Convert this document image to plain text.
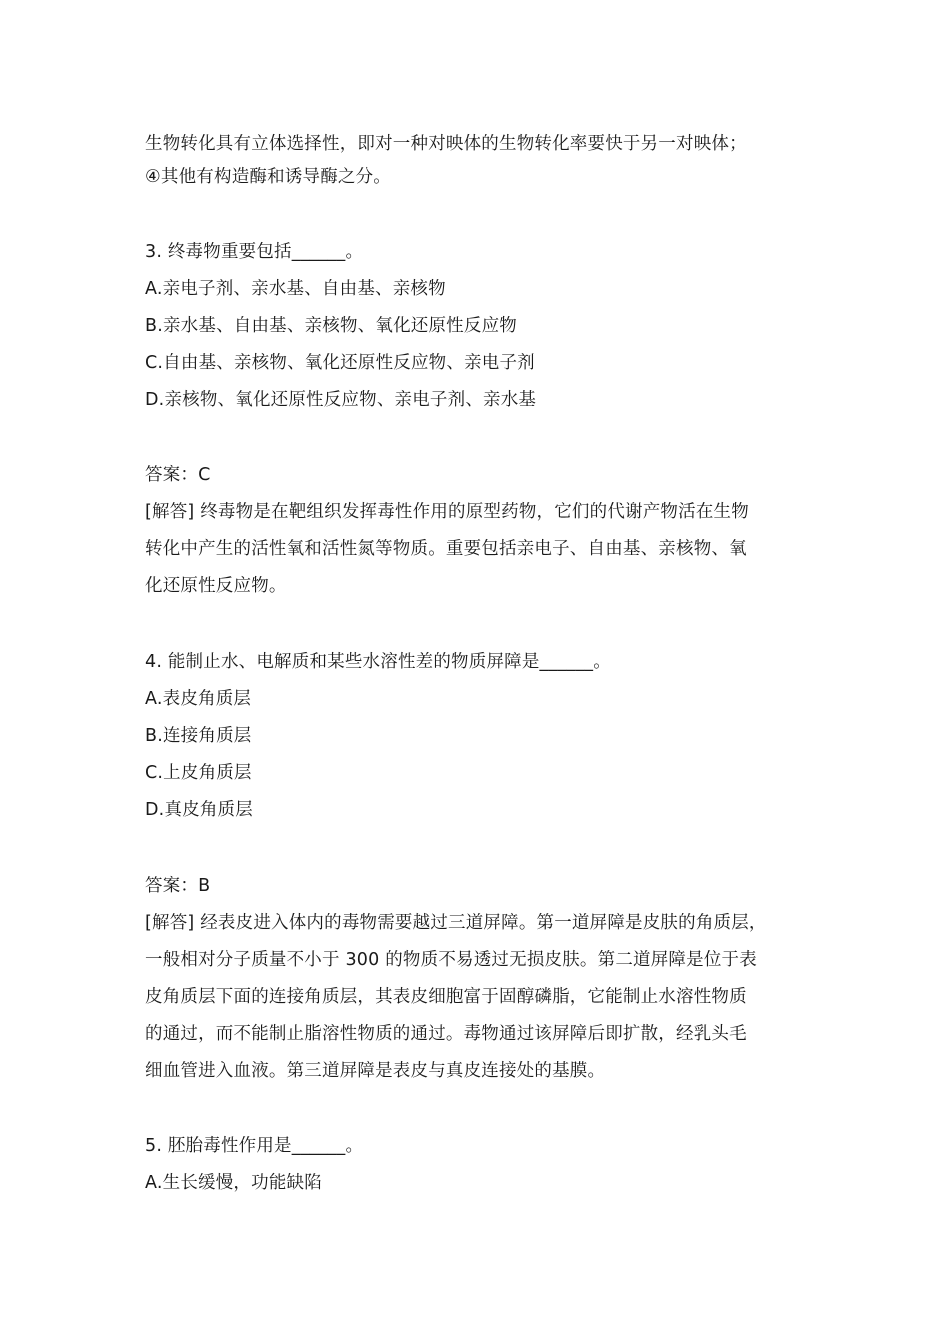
生物转化具有立体选择性，即对一种对映体的生物转化率要快于另一对映体；
④其他有构造酶和诱导酶之分。
3. 终毒物重要包括______。
A.亲电子剂、亲水基、自由基、亲核物
B.亲水基、自由基、亲核物、氧化还原性反应物
C.自由基、亲核物、氧化还原性反应物、亲电子剂
D.亲核物、氧化还原性反应物、亲电子剂、亲水基
答案：C
[解答] 终毒物是在靶组织发挥毒性作用的原型药物，它们的代谢产物活在生物
转化中产生的活性氧和活性氮等物质。重要包括亲电子、自由基、亲核物、氧
化还原性反应物。
4. 能制止水、电解质和某些水溶性差的物质屏障是______。
A.表皮角质层
B.连接角质层
C.上皮角质层
D.真皮角质层
答案：B
[解答] 经表皮进入体内的毒物需要越过三道屏障。第一道屏障是皮肤的角质层，
一般相对分子质量不小于 300 的物质不易透过无损皮肤。第二道屏障是位于表
皮角质层下面的连接角质层，其表皮细胞富于固醇磷脂，它能制止水溶性物质
的通过，而不能制止脂溶性物质的通过。毒物通过该屏障后即扩散，经乳头毛
细血管进入血液。第三道屏障是表皮与真皮连接处的基膜。
5. 胚胎毒性作用是______。
A.生长缓慢，功能缺陷
